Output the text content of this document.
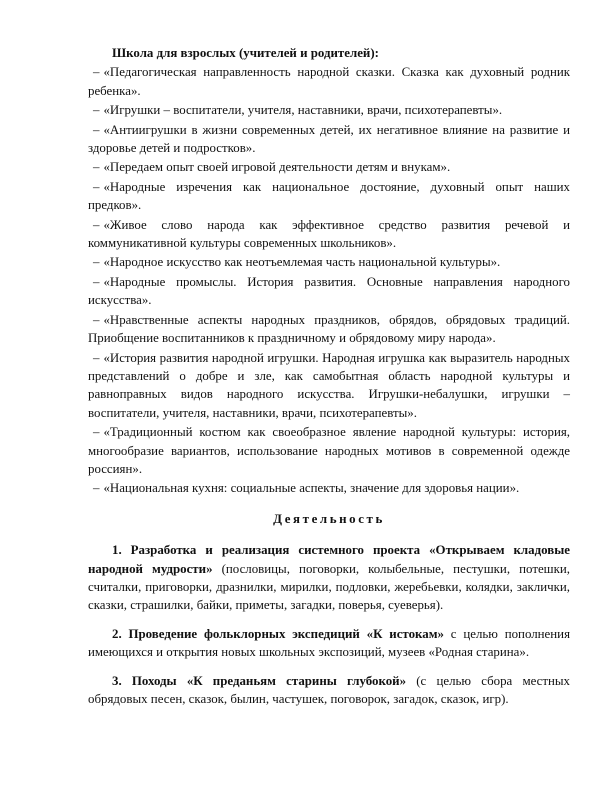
Школа для взрослых (учителей и родителей):

– «Педагогическая направленность народной сказки. Сказка как духовный родник ребенка».

– «Игрушки – воспитатели, учителя, наставники, врачи, психотерапевты».

– «Антиигрушки в жизни современных детей, их негативное влияние на развитие и здоровье детей и подростков».

– «Передаем опыт своей игровой деятельности детям и внукам».

– «Народные изречения как национальное достояние, духовный опыт наших предков».

– «Живое слово народа как эффективное средство развития речевой и коммуникативной культуры современных школьников».

– «Народное искусство как неотъемлемая часть национальной культуры».

– «Народные промыслы. История развития. Основные направления народного искусства».

– «Нравственные аспекты народных праздников, обрядов, обрядовых традиций. Приобщение воспитанников к праздничному и обрядовому миру народа».

– «История развития народной игрушки. Народная игрушка как выразитель народных представлений о добре и зле, как самобытная область народной культуры и равноправных видов народного искусства. Игрушки-небалушки, игрушки – воспитатели, учителя, наставники, врачи, психотерапевты».

– «Традиционный костюм как своеобразное явление народной культуры: история, многообразие вариантов, использование народных мотивов в современной одежде россиян».

– «Национальная кухня: социальные аспекты, значение для здоровья нации».

Деятельность

1. Разработка и реализация системного проекта «Открываем кладовые народной мудрости» (пословицы, поговорки, колыбельные, пестушки, потешки, считалки, приговорки, дразнилки, мирилки, подловки, жеребьевки, колядки, заклички, сказки, страшилки, байки, приметы, загадки, поверья, суеверья).

2. Проведение фольклорных экспедиций «К истокам» с целью пополнения имеющихся и открытия новых школьных экспозиций, музеев «Родная старина».

3. Походы «К преданьям старины глубокой» (с целью сбора местных обрядовых песен, сказок, былин, частушек, поговорок, загадок, сказок, игр).
